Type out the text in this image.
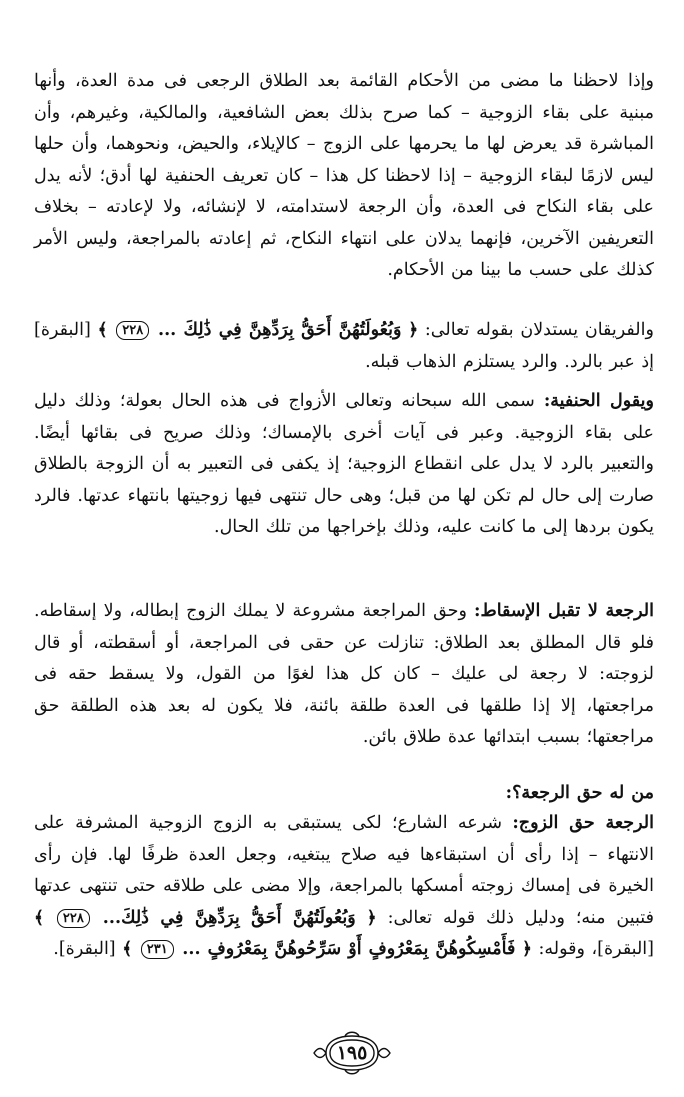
وإذا لاحظنا ما مضى من الأحكام القائمة بعد الطلاق الرجعى فى مدة العدة، وأنها مبنية على بقاء الزوجية – كما صرح بذلك بعض الشافعية، والمالكية، وغيرهم، وأن المباشرة قد يعرض لها ما يحرمها على الزوج – كالإيلاء، والحيض، ونحوهما، وأن حلها ليس لازمًا لبقاء الزوجية – إذا لاحظنا كل هذا – كان تعريف الحنفية لها أدق؛ لأنه يدل على بقاء النكاح فى العدة، وأن الرجعة لاستدامته، لا لإنشائه، ولا لإعادته – بخلاف التعريفين الآخرين، فإنهما يدلان على انتهاء النكاح، ثم إعادته بالمراجعة، وليس الأمر كذلك على حسب ما بينا من الأحكام.
والفريقان يستدلان بقوله تعالى: ﴿ وَبُعُولَتُهُنَّ أَحَقُّ بِرَدِّهِنَّ فِي ذَٰلِكَ ... ٢٢٨ ﴾ [البقرة] إذ عبر بالرد. والرد يستلزم الذهاب قبله.
ويقول الحنفية: سمى الله سبحانه وتعالى الأزواج فى هذه الحال بعولة؛ وذلك دليل على بقاء الزوجية. وعبر فى آيات أخرى بالإمساك؛ وذلك صريح فى بقائها أيضًا. والتعبير بالرد لا يدل على انقطاع الزوجية؛ إذ يكفى فى التعبير به أن الزوجة بالطلاق صارت إلى حال لم تكن لها من قبل؛ وهى حال تنتهى فيها زوجيتها بانتهاء عدتها. فالرد يكون بردها إلى ما كانت عليه، وذلك بإخراجها من تلك الحال.
الرجعة لا تقبل الإسقاط: وحق المراجعة مشروعة لا يملك الزوج إبطاله، ولا إسقاطه. فلو قال المطلق بعد الطلاق: تنازلت عن حقى فى المراجعة، أو أسقطته، أو قال لزوجته: لا رجعة لى عليك – كان كل هذا لغوًا من القول، ولا يسقط حقه فى مراجعتها، إلا إذا طلقها فى العدة طلقة بائنة، فلا يكون له بعد هذه الطلقة حق مراجعتها؛ بسبب ابتدائها عدة طلاق بائن.
من له حق الرجعة؟:
الرجعة حق الزوج: شرعه الشارع؛ لكى يستبقى به الزوج الزوجية المشرفة على الانتهاء – إذا رأى أن استبقاءها فيه صلاح يبتغيه، وجعل العدة ظرفًا لها. فإن رأى الخيرة فى إمساك زوجته أمسكها بالمراجعة، وإلا مضى على طلاقه حتى تنتهى عدتها فتبين منه؛ ودليل ذلك قوله تعالى: ﴿ وَبُعُولَتُهُنَّ أَحَقُّ بِرَدِّهِنَّ فِي ذَٰلِكَ... ٢٢٨ ﴾ [البقرة]، وقوله: ﴿ فَأَمْسِكُوهُنَّ بِمَعْرُوفٍ أَوْ سَرِّحُوهُنَّ بِمَعْرُوفٍ ... ٢٣١ ﴾ [البقرة].
١٩٥
